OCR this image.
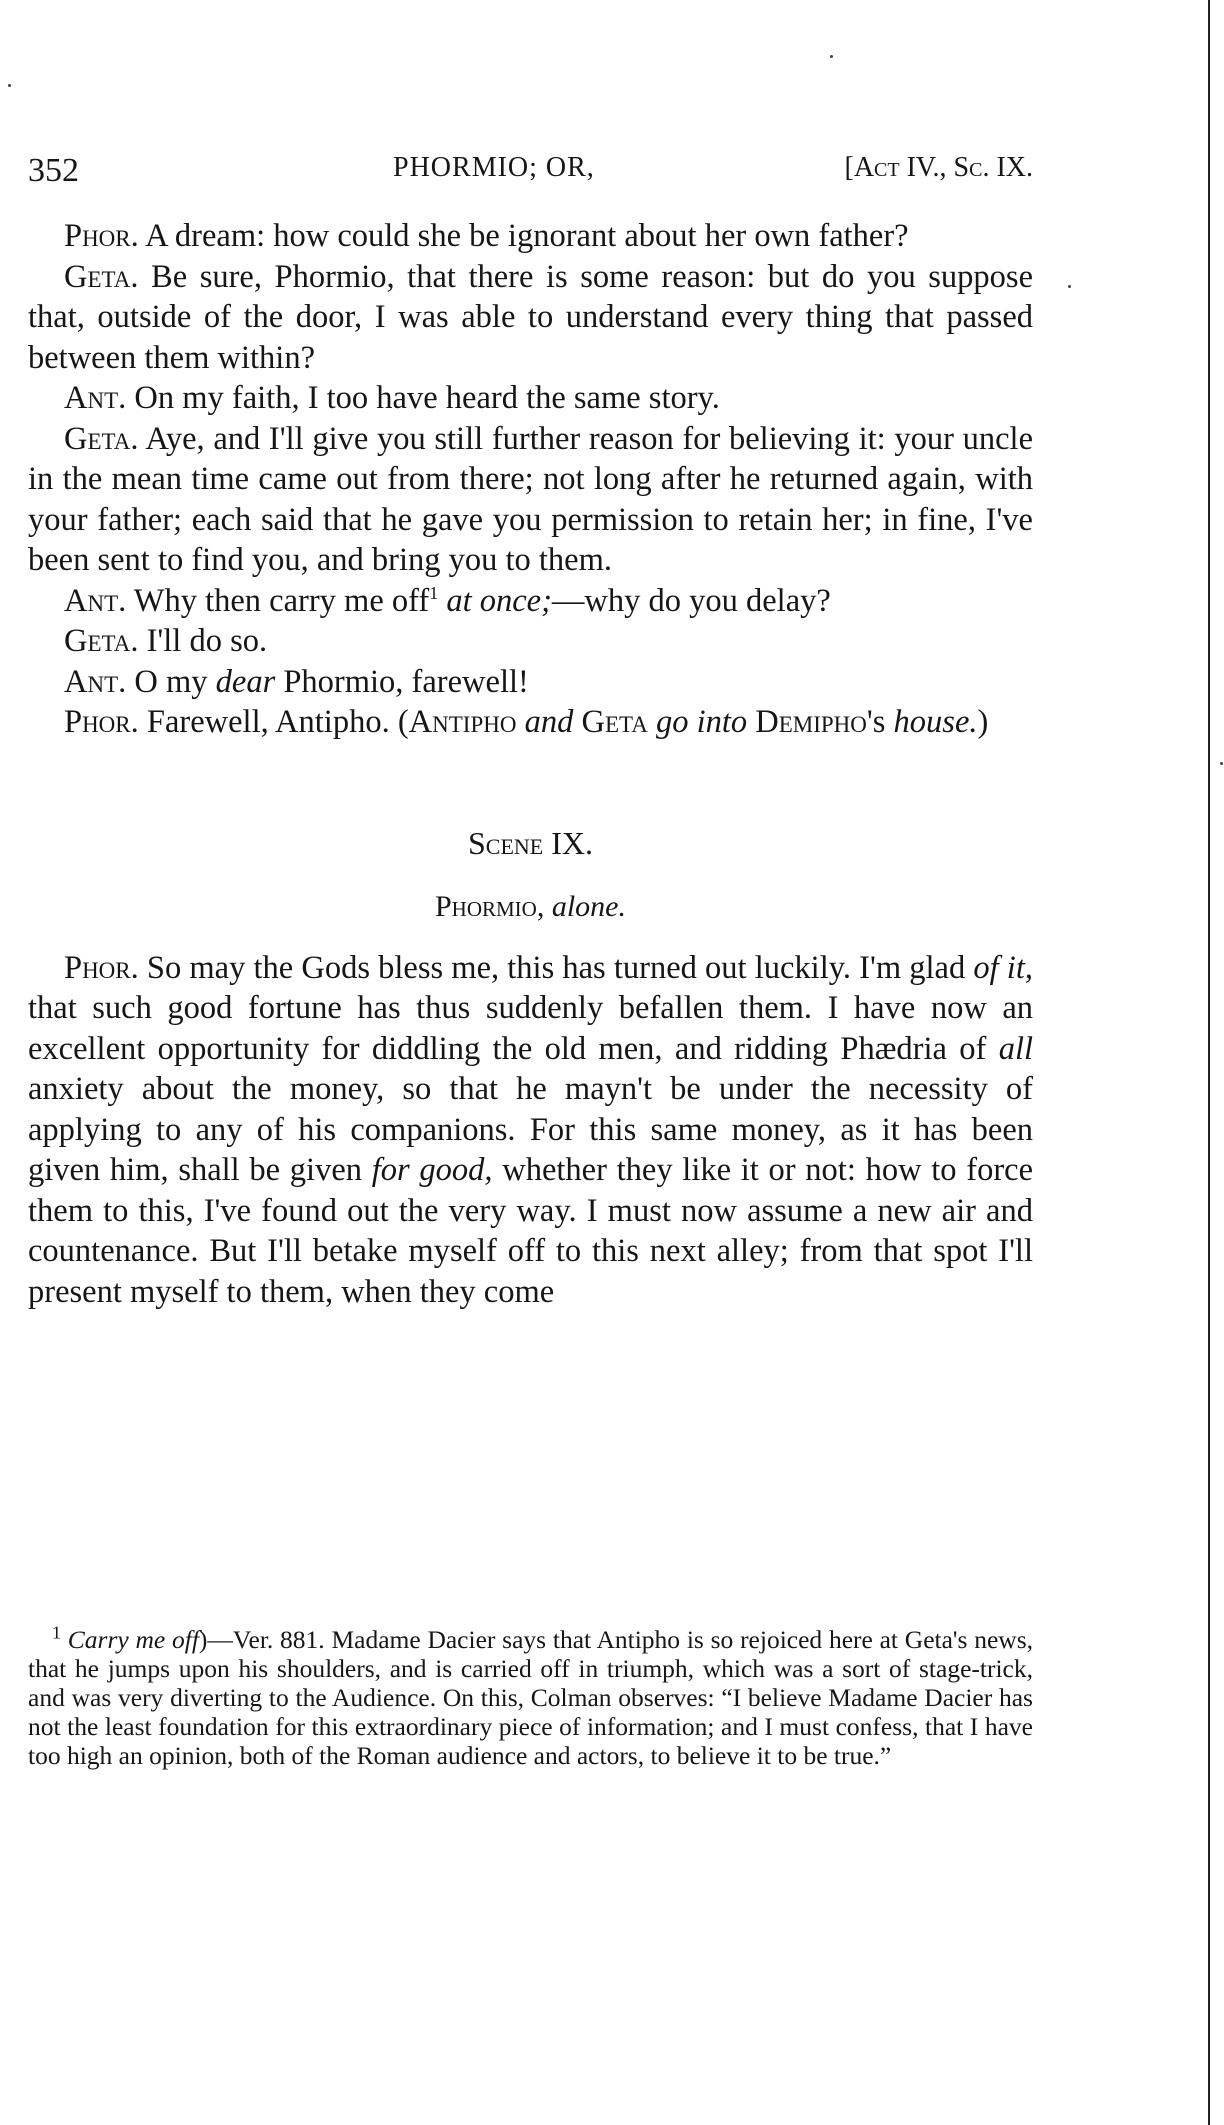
352	PHORMIO; OR,	[Act IV., Sc. IX.

Phor. A dream: how could she be ignorant about her own father?

Geta. Be sure, Phormio, that there is some reason: but do you suppose that, outside of the door, I was able to understand every thing that passed between them within?

Ant. On my faith, I too have heard the same story.

Geta. Aye, and I'll give you still further reason for believing it: your uncle in the mean time came out from there; not long after he returned again, with your father; each said that he gave you permission to retain her; in fine, I've been sent to find you, and bring you to them.

Ant. Why then carry me off$^1$ at once;—why do you delay?

Geta. I'll do so.

Ant. O my dear Phormio, farewell!

Phor. Farewell, Antipho. (Antipho and Geta go into Demipho's house.)

Scene IX.

Phormio, alone.

Phor. So may the Gods bless me, this has turned out luckily. I'm glad of it, that such good fortune has thus suddenly befallen them. I have now an excellent opportunity for diddling the old men, and ridding Phædria of all anxiety about the money, so that he mayn't be under the necessity of applying to any of his companions. For this same money, as it has been given him, shall be given for good, whether they like it or not: how to force them to this, I've found out the very way. I must now assume a new air and countenance. But I'll betake myself off to this next alley; from that spot I'll present myself to them, when they come

$^1$ Carry me off)—Ver. 881. Madame Dacier says that Antipho is so rejoiced here at Geta's news, that he jumps upon his shoulders, and is carried off in triumph, which was a sort of stage-trick, and was very diverting to the Audience. On this, Colman observes: “I believe Madame Dacier has not the least foundation for this extraordinary piece of information; and I must confess, that I have too high an opinion, both of the Roman audience and actors, to believe it to be true.”
